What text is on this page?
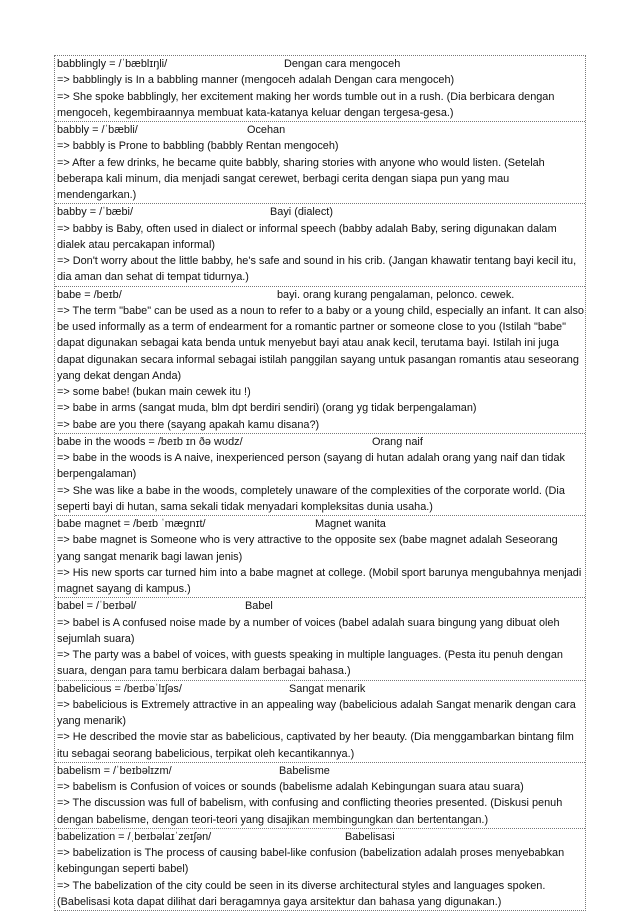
babblingly = /ˈbæblɪŋli/	Dengan cara mengoceh
=> babblingly is In a babbling manner (mengoceh adalah Dengan cara mengoceh)
=> She spoke babblingly, her excitement making her words tumble out in a rush. (Dia berbicara dengan mengoceh, kegembiraannya membuat kata-katanya keluar dengan tergesa-gesa.)
babbly = /ˈbæbli/	Ocehan
=> babbly is Prone to babbling (babbly Rentan mengoceh)
=> After a few drinks, he became quite babbly, sharing stories with anyone who would listen. (Setelah beberapa kali minum, dia menjadi sangat cerewet, berbagi cerita dengan siapa pun yang mau mendengarkan.)
babby = /ˈbæbi/	Bayi (dialect)
=> babby is Baby, often used in dialect or informal speech (babby adalah Baby, sering digunakan dalam dialek atau percakapan informal)
=> Don't worry about the little babby, he's safe and sound in his crib. (Jangan khawatir tentang bayi kecil itu, dia aman dan sehat di tempat tidurnya.)
babe = /beɪb/	bayi. orang kurang pengalaman, pelonco. cewek.
=> The term "babe" can be used as a noun to refer to a baby or a young child, especially an infant. It can also be used informally as a term of endearment for a romantic partner or someone close to you (Istilah "babe" dapat digunakan sebagai kata benda untuk menyebut bayi atau anak kecil, terutama bayi. Istilah ini juga dapat digunakan secara informal sebagai istilah panggilan sayang untuk pasangan romantis atau seseorang yang dekat dengan Anda)
=> some babe! (bukan main cewek itu !)
=> babe in arms (sangat muda, blm dpt berdiri sendiri) (orang yg tidak berpengalaman)
=> babe are you there (sayang apakah kamu disana?)
babe in the woods = /beɪb ɪn ðə wʊdz/	Orang naif
=> babe in the woods is A naive, inexperienced person (sayang di hutan adalah orang yang naif dan tidak berpengalaman)
=> She was like a babe in the woods, completely unaware of the complexities of the corporate world. (Dia seperti bayi di hutan, sama sekali tidak menyadari kompleksitas dunia usaha.)
babe magnet = /beɪb ˈmægnɪt/	Magnet wanita
=> babe magnet is Someone who is very attractive to the opposite sex (babe magnet adalah Seseorang yang sangat menarik bagi lawan jenis)
=> His new sports car turned him into a babe magnet at college. (Mobil sport barunya mengubahnya menjadi magnet sayang di kampus.)
babel = /ˈbeɪbəl/	Babel
=> babel is A confused noise made by a number of voices (babel adalah suara bingung yang dibuat oleh sejumlah suara)
=> The party was a babel of voices, with guests speaking in multiple languages. (Pesta itu penuh dengan suara, dengan para tamu berbicara dalam berbagai bahasa.)
babelicious = /beɪbəˈlɪʃəs/	Sangat menarik
=> babelicious is Extremely attractive in an appealing way (babelicious adalah Sangat menarik dengan cara yang menarik)
=> He described the movie star as babelicious, captivated by her beauty. (Dia menggambarkan bintang film itu sebagai seorang babelicious, terpikat oleh kecantikannya.)
babelism = /ˈbeɪbəlɪzm/	Babelisme
=> babelism is Confusion of voices or sounds (babelisme adalah Kebingungan suara atau suara)
=> The discussion was full of babelism, with confusing and conflicting theories presented. (Diskusi penuh dengan babelisme, dengan teori-teori yang disajikan membingungkan dan bertentangan.)
babelization = /ˌbeɪbəlaɪˈzeɪʃən/	Babelisasi
=> babelization is The process of causing babel-like confusion (babelization adalah proses menyebabkan kebingungan seperti babel)
=> The babelization of the city could be seen in its diverse architectural styles and languages spoken. (Babelisasi kota dapat dilihat dari beragamnya gaya arsitektur dan bahasa yang digunakan.)
